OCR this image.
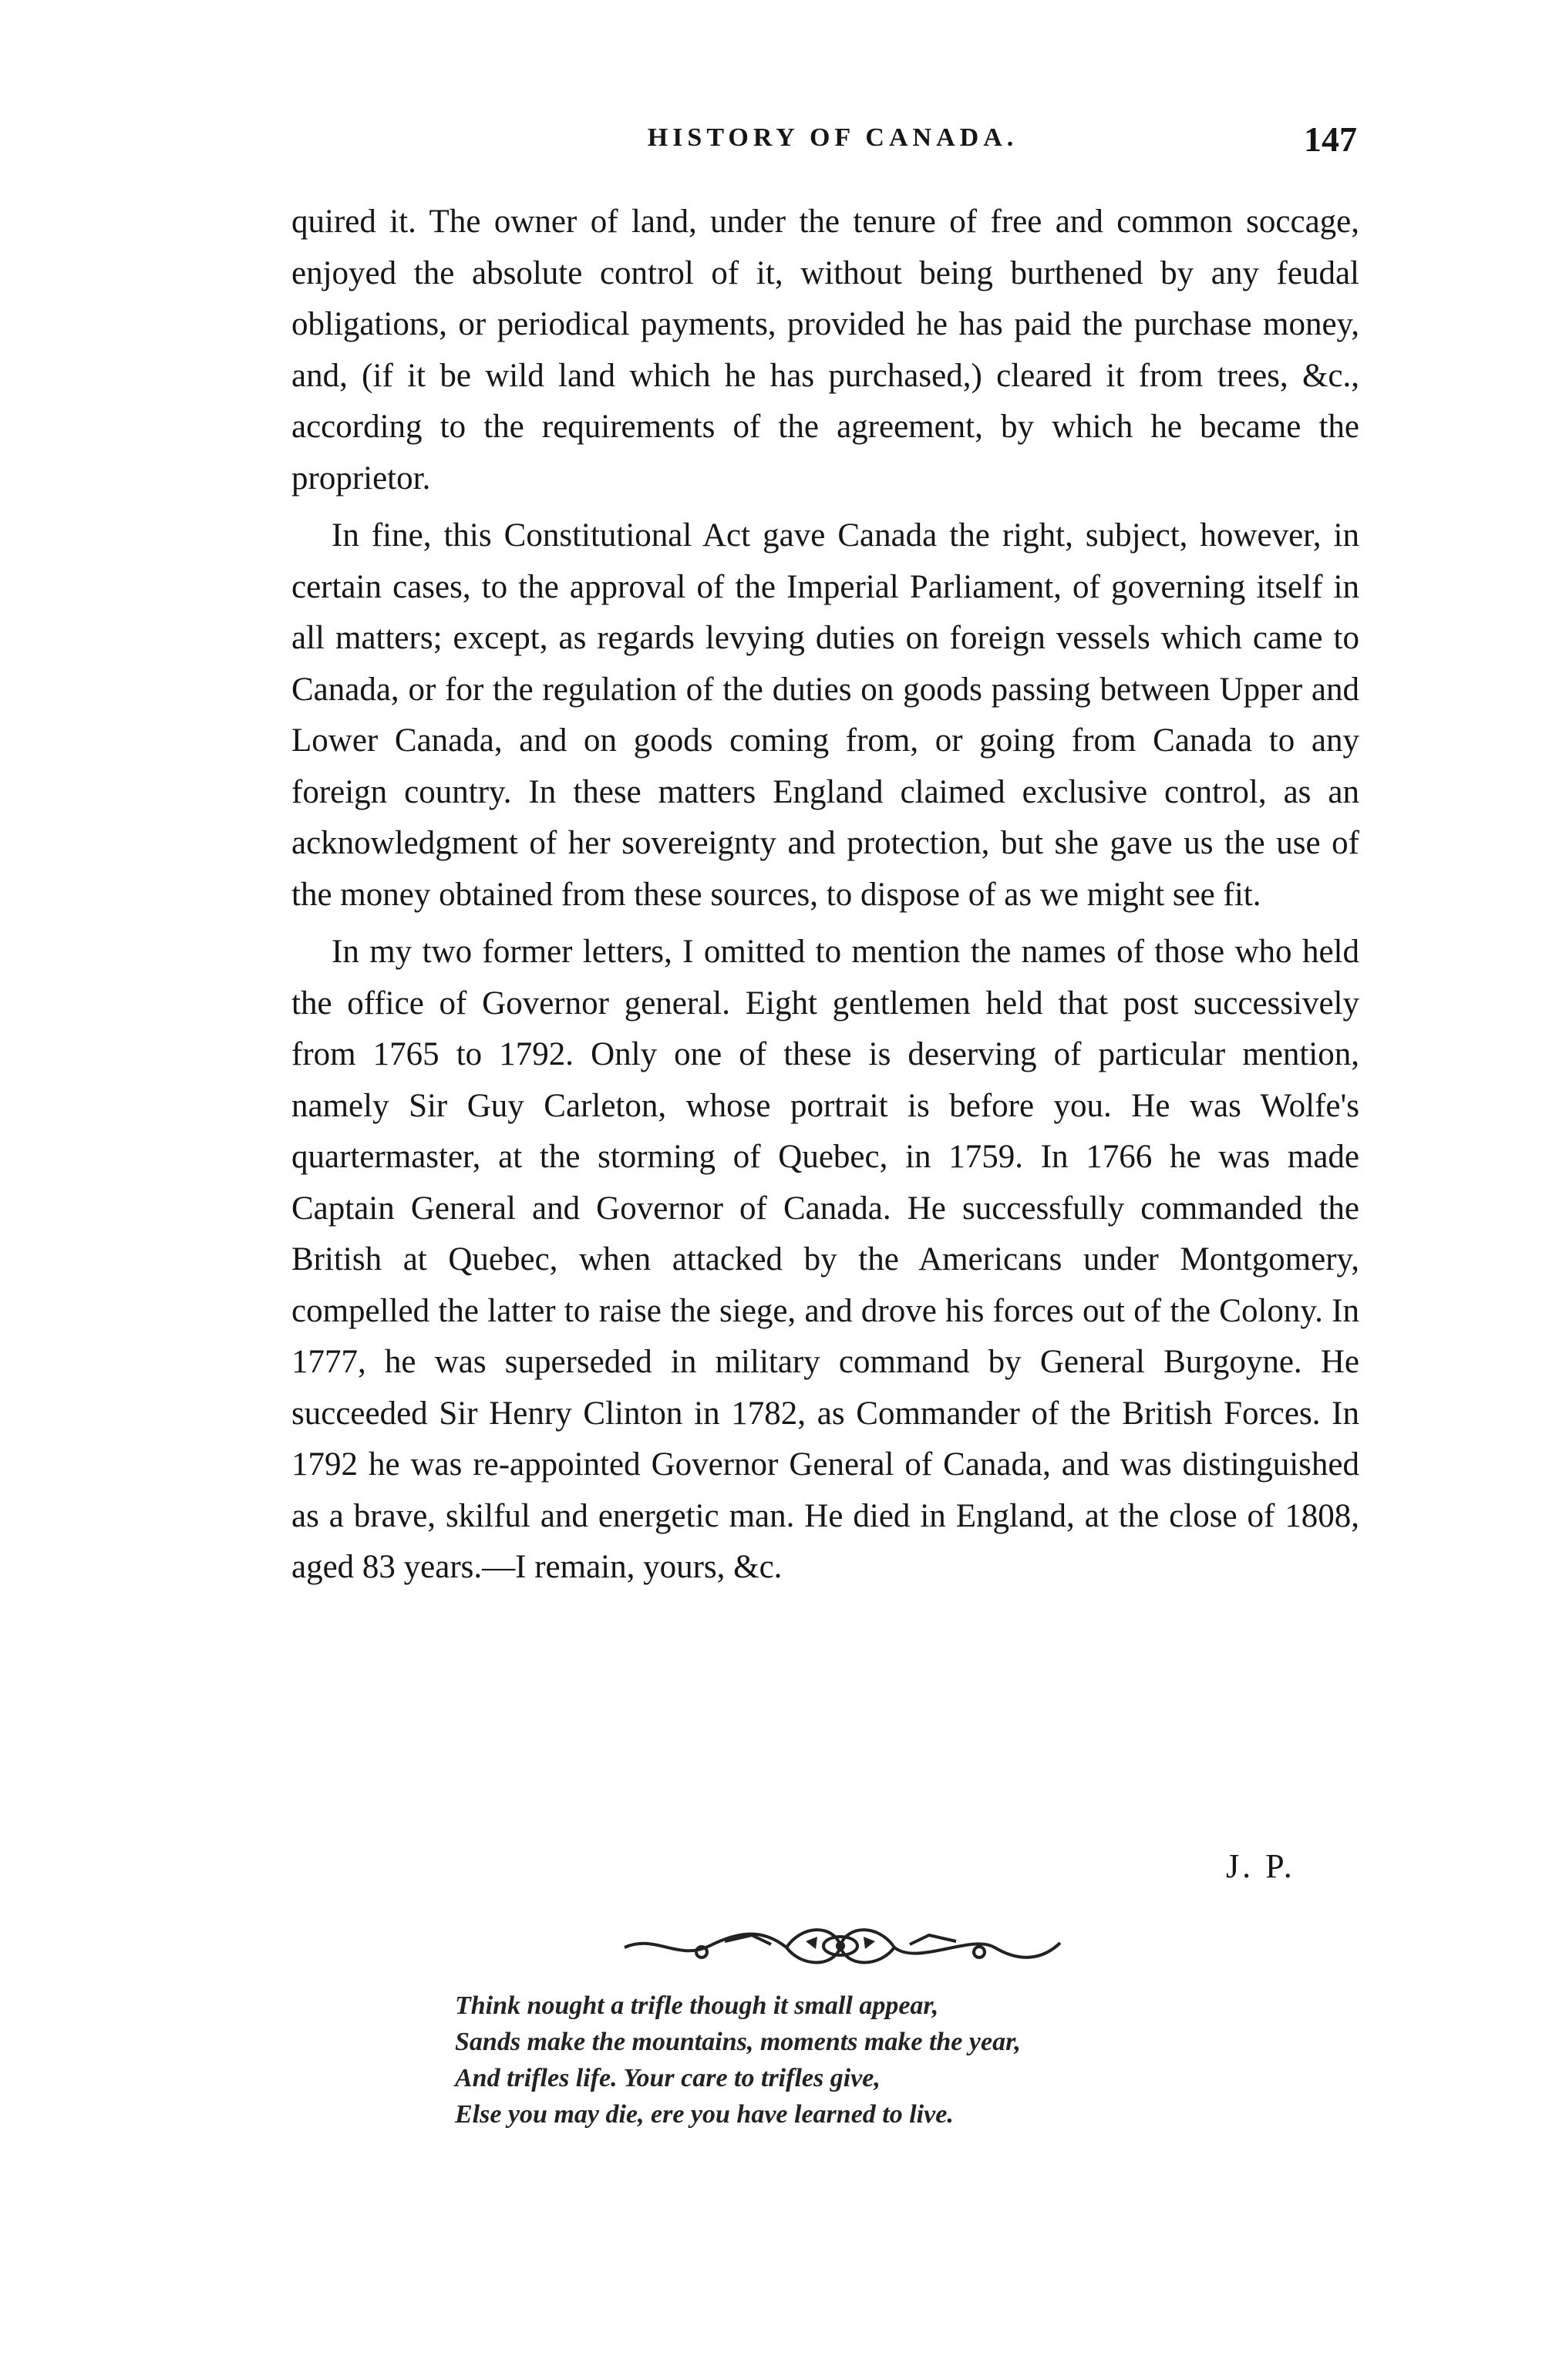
HISTORY OF CANADA.	147

quired it. The owner of land, under the tenure of free and common soccage, enjoyed the absolute control of it, without being burthened by any feudal obligations, or periodical payments, provided he has paid the purchase money, and, (if it be wild land which he has purchased,) cleared it from trees, &c., according to the requirements of the agreement, by which he became the proprietor.

In fine, this Constitutional Act gave Canada the right, subject, however, in certain cases, to the approval of the Imperial Parliament, of governing itself in all matters; except, as regards levying duties on foreign vessels which came to Canada, or for the regulation of the duties on goods passing between Upper and Lower Canada, and on goods coming from, or going from Canada to any foreign country. In these matters England claimed exclusive control, as an acknowledgment of her sovereignty and protection, but she gave us the use of the money obtained from these sources, to dispose of as we might see fit.

In my two former letters, I omitted to mention the names of those who held the office of Governor general. Eight gentlemen held that post successively from 1765 to 1792. Only one of these is deserving of particular mention, namely Sir Guy Carleton, whose portrait is before you. He was Wolfe's quartermaster, at the storming of Quebec, in 1759. In 1766 he was made Captain General and Governor of Canada. He successfully commanded the British at Quebec, when attacked by the Americans under Montgomery, compelled the latter to raise the siege, and drove his forces out of the Colony. In 1777, he was superseded in military command by General Burgoyne. He succeeded Sir Henry Clinton in 1782, as Commander of the British Forces. In 1792 he was re-appointed Governor General of Canada, and was distinguished as a brave, skilful and energetic man. He died in England, at the close of 1808, aged 83 years.—I remain, yours, &c.

J. P.
Think nought a trifle though it small appear,
Sands make the mountains, moments make the year,
And trifles life. Your care to trifles give,
Else you may die, ere you have learned to live.
